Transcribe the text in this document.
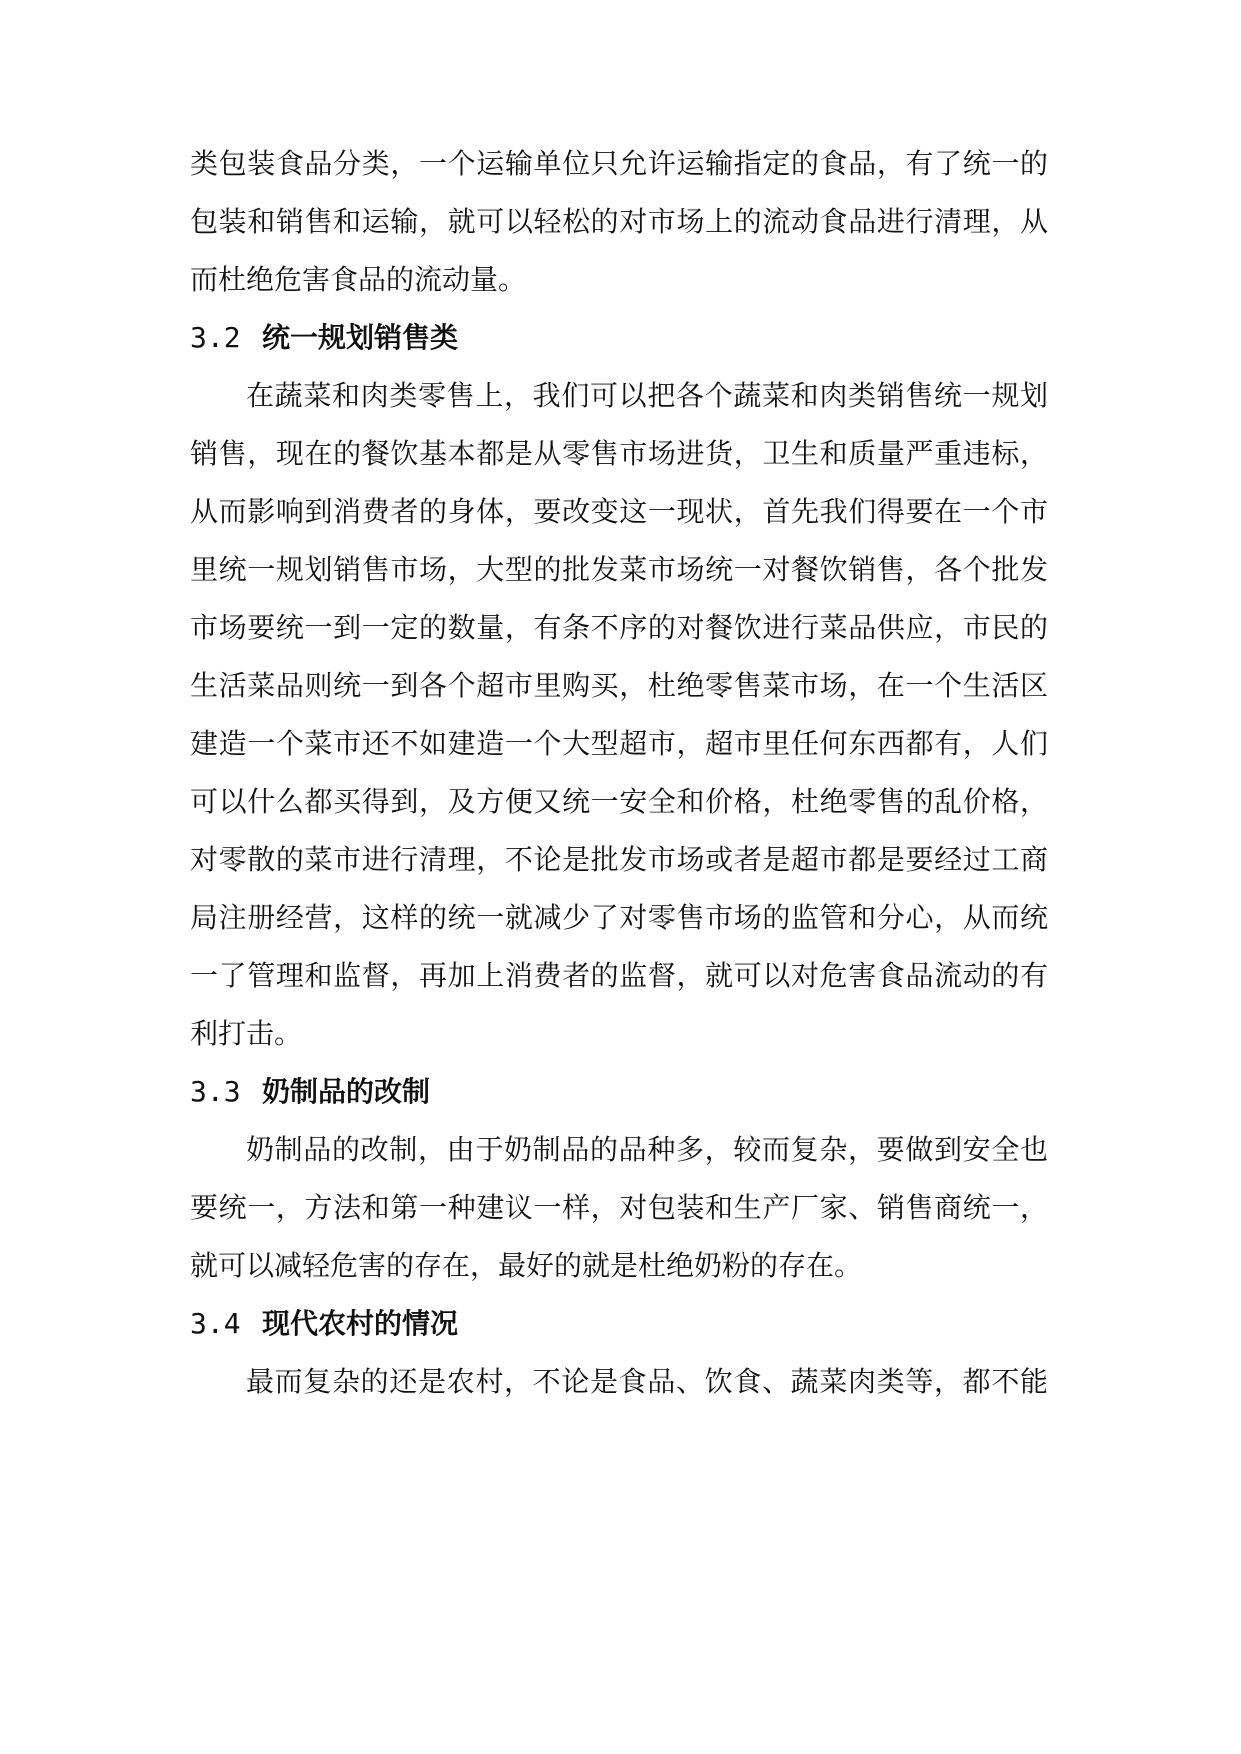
类包装食品分类，一个运输单位只允许运输指定的食品，有了统一的

包装和销售和运输，就可以轻松的对市场上的流动食品进行清理，从

而杜绝危害食品的流动量。

3.2 统一规划销售类

在蔬菜和肉类零售上，我们可以把各个蔬菜和肉类销售统一规划

销售，现在的餐饮基本都是从零售市场进货，卫生和质量严重违标，

从而影响到消费者的身体，要改变这一现状，首先我们得要在一个市

里统一规划销售市场，大型的批发菜市场统一对餐饮销售，各个批发

市场要统一到一定的数量，有条不序的对餐饮进行菜品供应，市民的

生活菜品则统一到各个超市里购买，杜绝零售菜市场，在一个生活区

建造一个菜市还不如建造一个大型超市，超市里任何东西都有，人们

可以什么都买得到，及方便又统一安全和价格，杜绝零售的乱价格，

对零散的菜市进行清理，不论是批发市场或者是超市都是要经过工商

局注册经营，这样的统一就减少了对零售市场的监管和分心，从而统

一了管理和监督，再加上消费者的监督，就可以对危害食品流动的有

利打击。

3.3 奶制品的改制

奶制品的改制，由于奶制品的品种多，较而复杂，要做到安全也

要统一，方法和第一种建议一样，对包装和生产厂家、销售商统一，

就可以减轻危害的存在，最好的就是杜绝奶粉的存在。

3.4 现代农村的情况

最而复杂的还是农村，不论是食品、饮食、蔬菜肉类等，都不能
